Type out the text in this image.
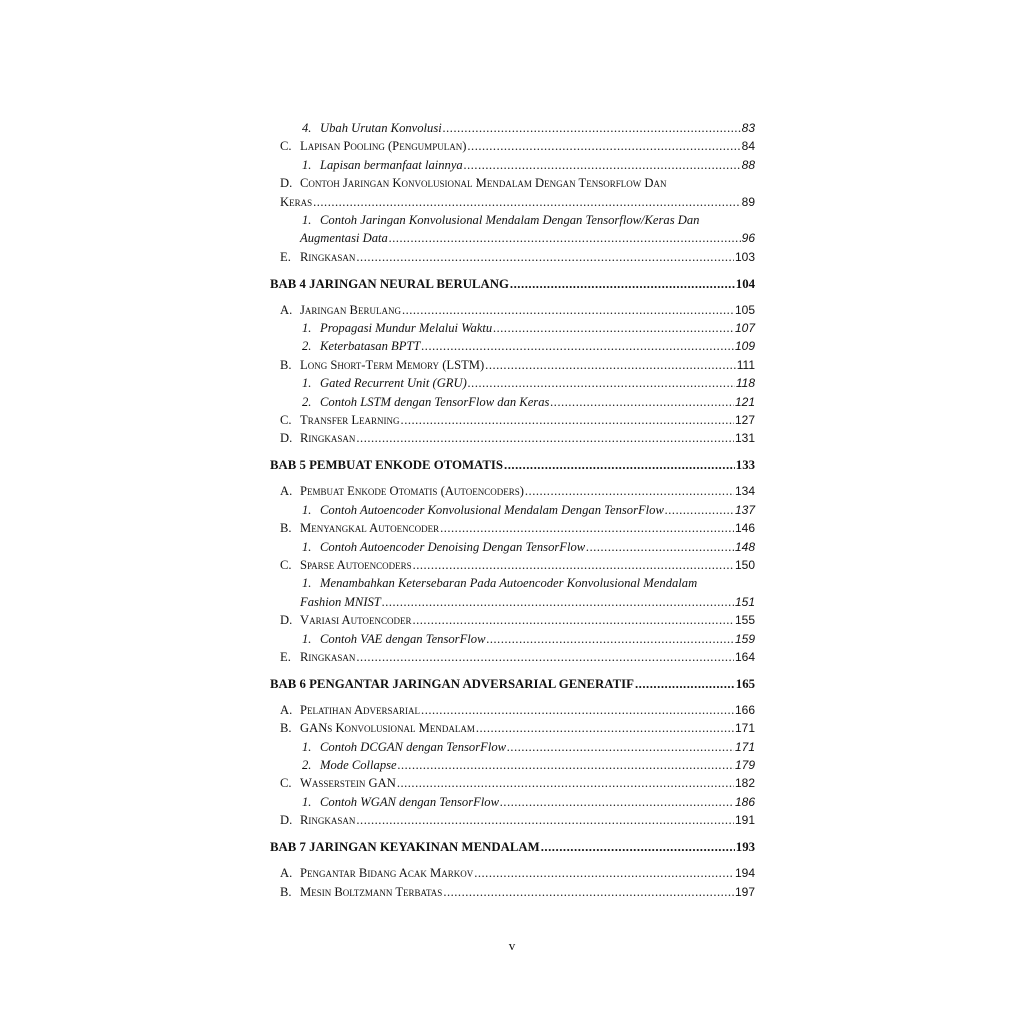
4. Ubah Urutan Konvolusi .....	83
C. Lapisan Pooling (Pengumpulan) .....	84
1. Lapisan bermanfaat lainnya .....	88
D. Contoh Jaringan Konvolusional Mendalam Dengan Tensorflow Dan
Keras .....	89
1. Contoh Jaringan Konvolusional Mendalam Dengan Tensorflow/Keras Dan
Augmentasi Data .....	96
E. Ringkasan .....	103
BAB 4 JARINGAN NEURAL BERULANG .....	104
A. Jaringan Berulang .....	105
1. Propagasi Mundur Melalui Waktu .....	107
2. Keterbatasan BPTT .....	109
B. Long Short-Term Memory (LSTM) .....	111
1. Gated Recurrent Unit (GRU) .....	118
2. Contoh LSTM dengan TensorFlow dan Keras .....	121
C. Transfer Learning .....	127
D. Ringkasan .....	131
BAB 5 PEMBUAT ENKODE OTOMATIS .....	133
A. Pembuat Enkode Otomatis (Autoencoders) .....	134
1. Contoh Autoencoder Konvolusional Mendalam Dengan TensorFlow .....	137
B. Menyangkal Autoencoder .....	146
1. Contoh Autoencoder Denoising Dengan TensorFlow .....	148
C. Sparse Autoencoders .....	150
1. Menambahkan Ketersebaran Pada Autoencoder Konvolusional Mendalam
Fashion MNIST .....	151
D. Variasi Autoencoder .....	155
1. Contoh VAE dengan TensorFlow .....	159
E. Ringkasan .....	164
BAB 6 PENGANTAR JARINGAN ADVERSARIAL GENERATIF .....	165
A. Pelatihan Adversarial .....	166
B. GANs Konvolusional Mendalam .....	171
1. Contoh DCGAN dengan TensorFlow .....	171
2. Mode Collapse .....	179
C. Wasserstein GAN .....	182
1. Contoh WGAN dengan TensorFlow .....	186
D. Ringkasan .....	191
BAB 7 JARINGAN KEYAKINAN MENDALAM .....	193
A. Pengantar Bidang Acak Markov .....	194
B. Mesin Boltzmann Terbatas .....	197
v
